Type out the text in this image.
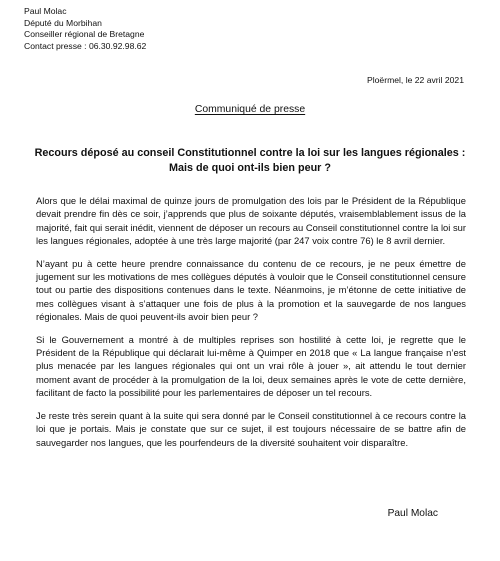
Paul Molac
Député du Morbihan
Conseiller régional de Bretagne
Contact presse : 06.30.92.98.62
Ploërmel, le 22 avril 2021
Communiqué de presse
Recours déposé au conseil Constitutionnel contre la loi sur les langues régionales :
Mais de quoi ont-ils bien peur ?

Alors que le délai maximal de quinze jours de promulgation des lois par le Président de la République devait prendre fin dès ce soir, j’apprends que plus de soixante députés, vraisemblablement issus de la majorité, fait qui serait inédit, viennent de déposer un recours au Conseil constitutionnel contre la loi sur les langues régionales, adoptée à une très large majorité (par 247 voix contre 76) le 8 avril dernier.

N’ayant pu à cette heure prendre connaissance du contenu de ce recours, je ne peux émettre de jugement sur les motivations de mes collègues députés à vouloir que le Conseil constitutionnel censure tout ou partie des dispositions contenues dans le texte. Néanmoins, je m’étonne de cette initiative de mes collègues visant à s’attaquer une fois de plus à la promotion et la sauvegarde de nos langues régionales. Mais de quoi peuvent-ils avoir bien peur ?

Si le Gouvernement a montré à de multiples reprises son hostilité à cette loi, je regrette que le Président de la République qui déclarait lui-même à Quimper en 2018 que « La langue française n’est plus menacée par les langues régionales qui ont un vrai rôle à jouer », ait attendu le tout dernier moment avant de procéder à la promulgation de la loi, deux semaines après le vote de cette dernière, facilitant de facto la possibilité pour les parlementaires de déposer un tel recours.

Je reste très serein quant à la suite qui sera donné par le Conseil constitutionnel à ce recours contre la loi que je portais. Mais je constate que sur ce sujet, il est toujours nécessaire de se battre afin de sauvegarder nos langues, que les pourfendeurs de la diversité souhaitent voir disparaître.

Paul Molac
